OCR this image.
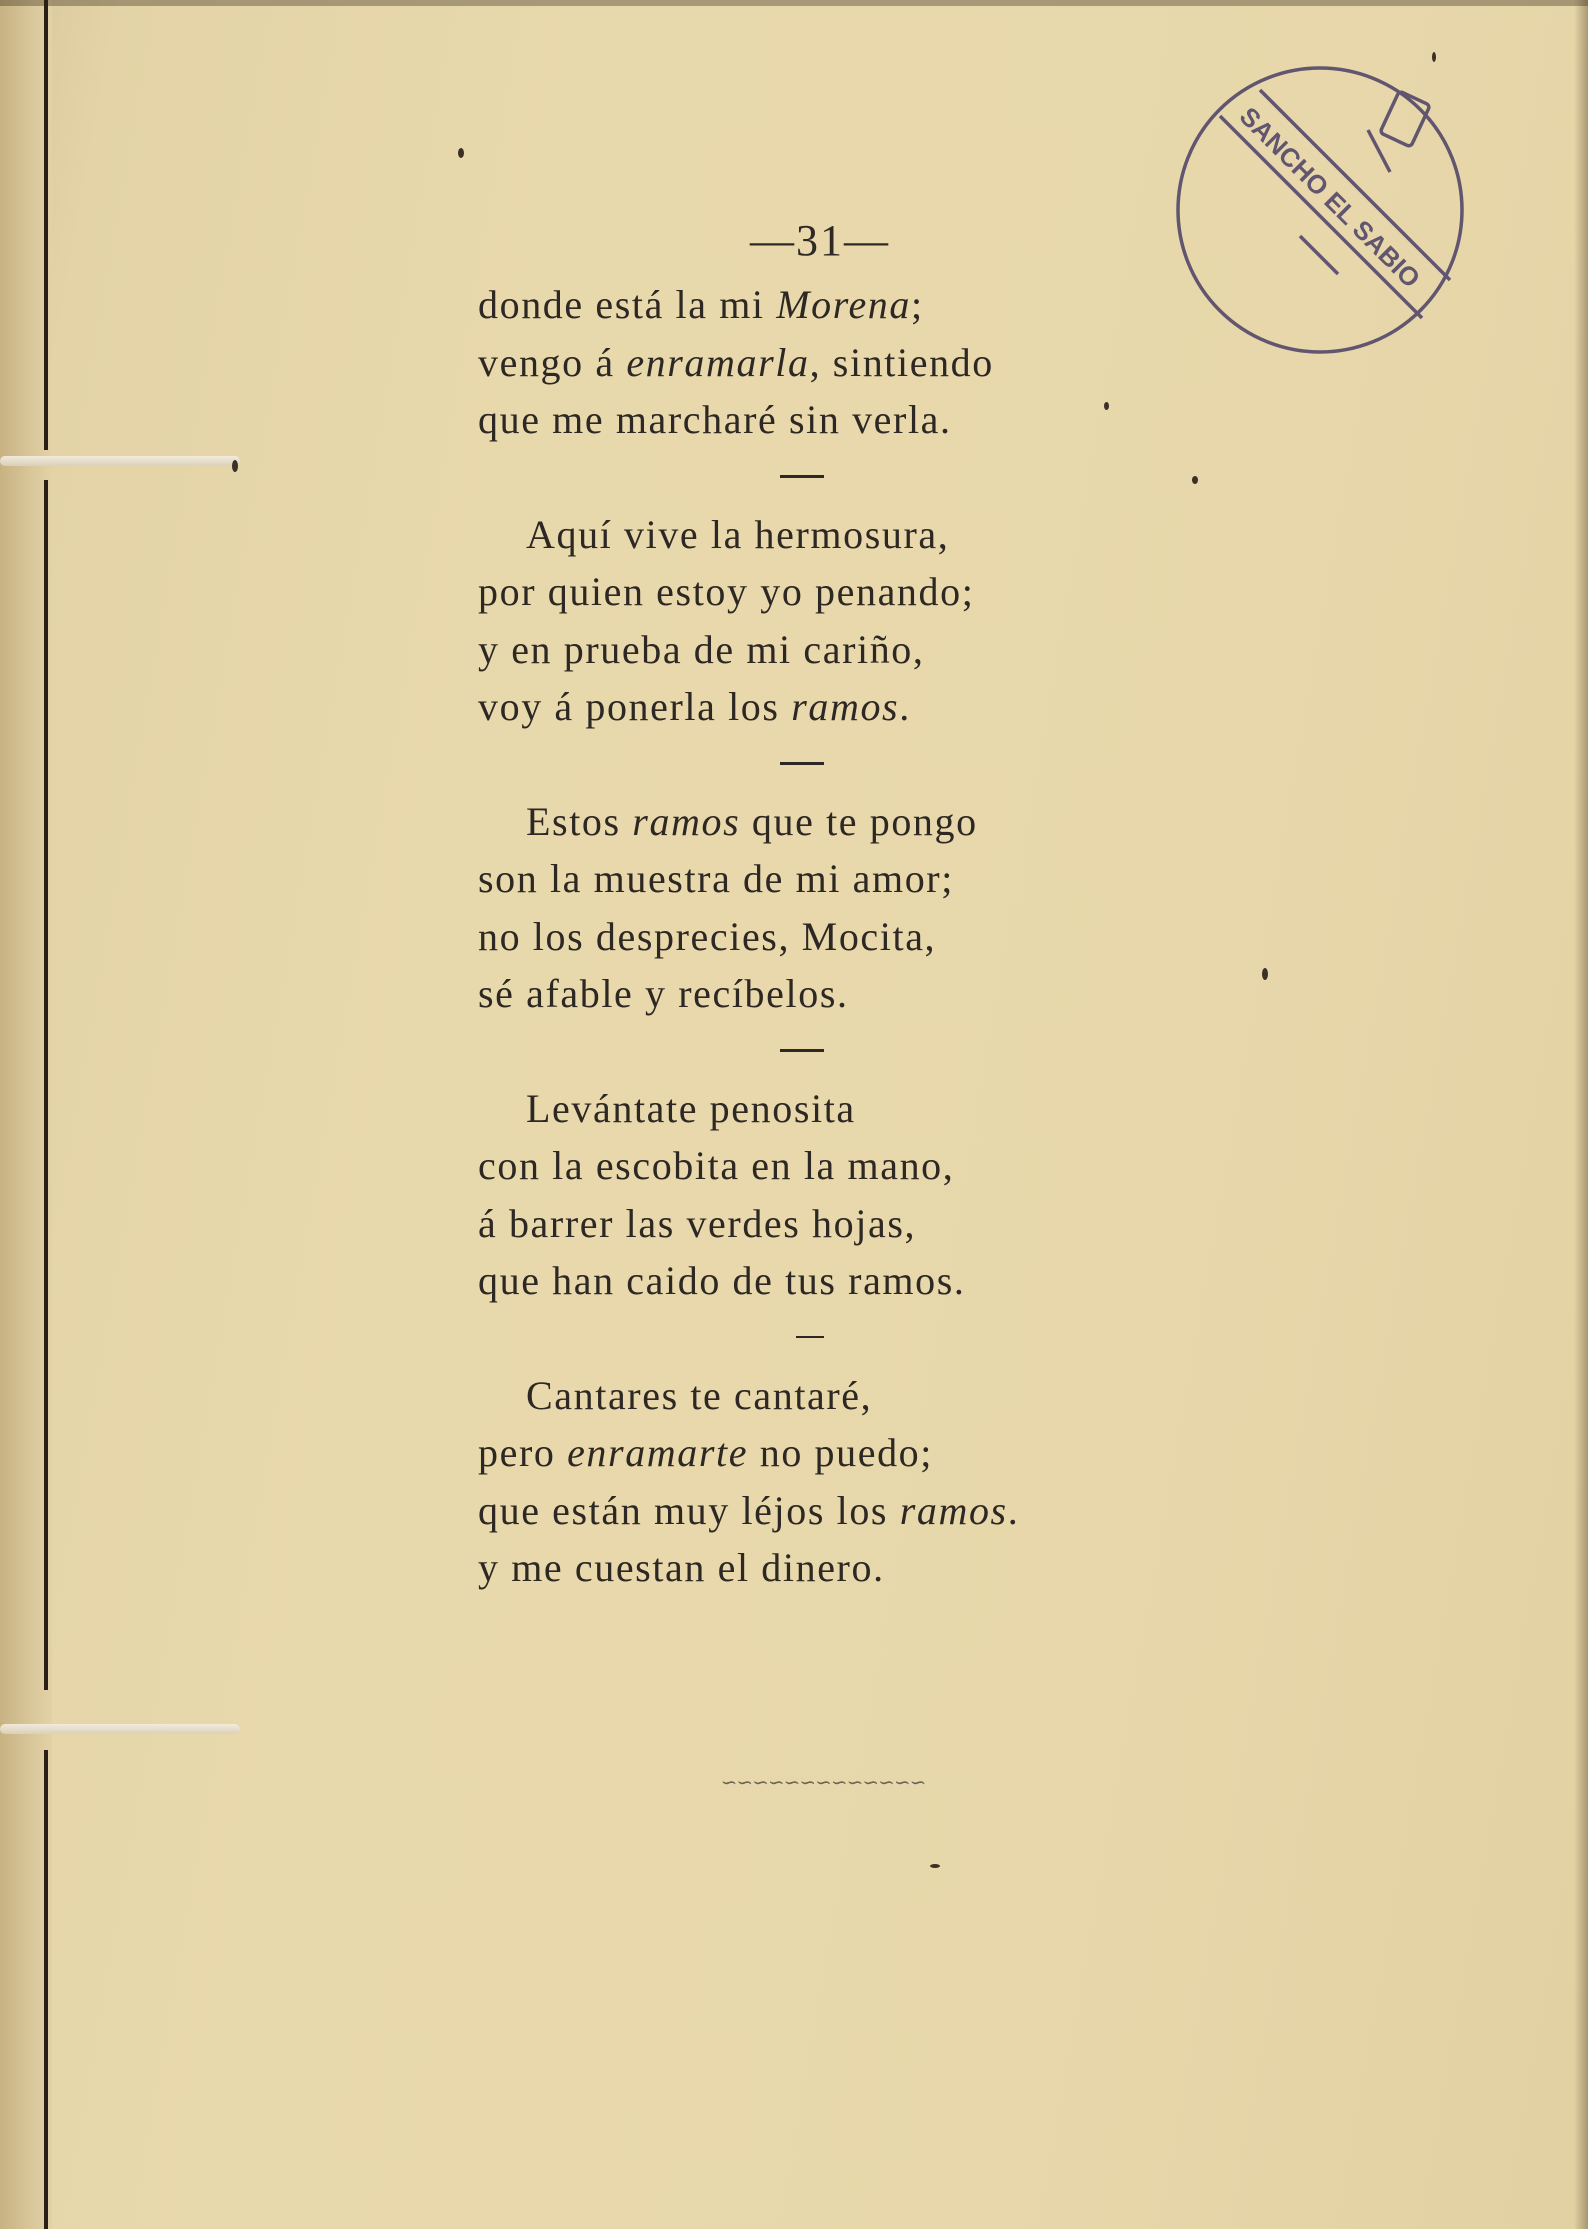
—31—
donde está la mi Morena;
vengo á enramarla, sintiendo
que me marcharé sin verla.
Aquí vive la hermosura,
por quien estoy yo penando;
y en prueba de mi cariño,
voy á ponerla los ramos.
Estos ramos que te pongo
son la muestra de mi amor;
no los desprecies, Mocita,
sé afable y recíbelos.
Levántate penosita
con la escobita en la mano,
á barrer las verdes hojas,
que han caido de tus ramos.
Cantares te cantaré,
pero enramarte no puedo;
que están muy léjos los ramos.
y me cuestan el dinero.
∽∽∽∽∽∽∽∽∽∽∽∽∽
SANCHO EL SABIO
